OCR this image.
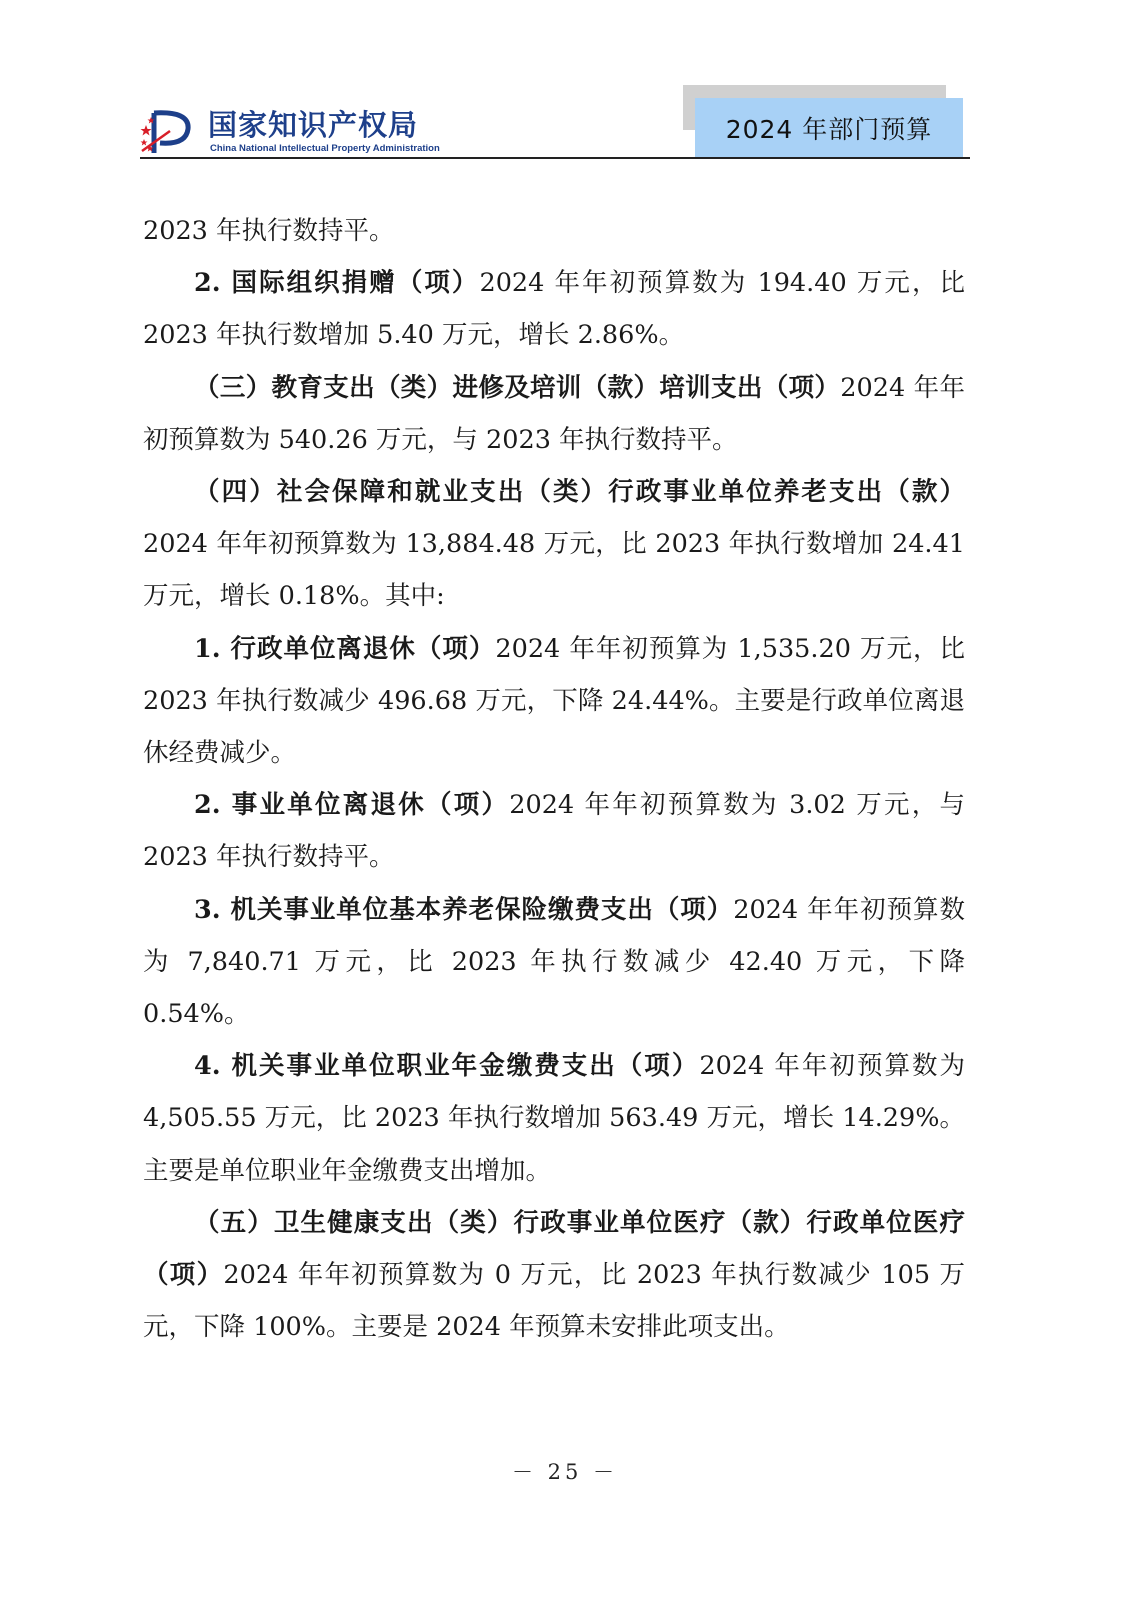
国家知识产权局
China National Intellectual Property Administration
2024 年部门预算

2023 年执行数持平。

2. 国际组织捐赠（项）2024 年年初预算数为 194.40 万元，比 2023 年执行数增加 5.40 万元，增长 2.86%。

（三）教育支出（类）进修及培训（款）培训支出（项）2024 年年初预算数为 540.26 万元，与 2023 年执行数持平。

（四）社会保障和就业支出（类）行政事业单位养老支出（款）2024 年年初预算数为 13,884.48 万元，比 2023 年执行数增加 24.41 万元，增长 0.18%。其中:

1. 行政单位离退休（项）2024 年年初预算为 1,535.20 万元，比 2023 年执行数减少 496.68 万元，下降 24.44%。主要是行政单位离退休经费减少。

2. 事业单位离退休（项）2024 年年初预算数为 3.02 万元，与 2023 年执行数持平。

3. 机关事业单位基本养老保险缴费支出（项）2024 年年初预算数为 7,840.71 万元，比 2023 年执行数减少 42.40 万元，下降 0.54%。

4. 机关事业单位职业年金缴费支出（项）2024 年年初预算数为 4,505.55 万元，比 2023 年执行数增加 563.49 万元，增长 14.29%。主要是单位职业年金缴费支出增加。

（五）卫生健康支出（类）行政事业单位医疗（款）行政单位医疗（项）2024 年年初预算数为 0 万元，比 2023 年执行数减少 105 万元，下降 100%。主要是 2024 年预算未安排此项支出。

－ 25 －
